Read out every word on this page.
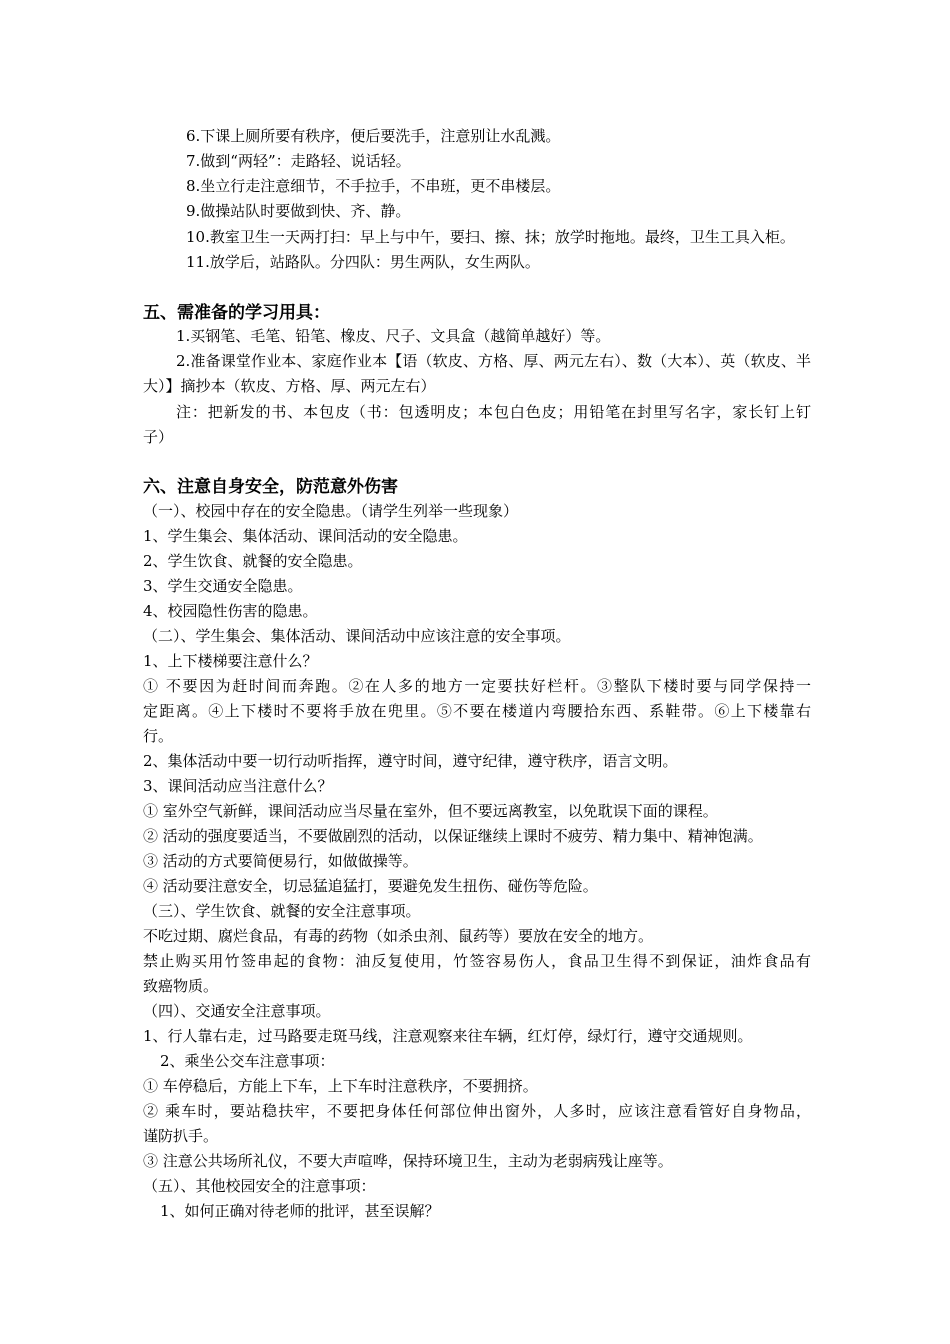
6.下课上厕所要有秩序，便后要洗手，注意别让水乱溅。
7.做到“两轻”：走路轻、说话轻。
8.坐立行走注意细节，不手拉手，不串班，更不串楼层。
9.做操站队时要做到快、齐、静。
10.教室卫生一天两打扫：早上与中午，要扫、擦、抹；放学时拖地。最终，卫生工具入柜。
11.放学后，站路队。分四队：男生两队，女生两队。
五、需准备的学习用具：
1.买钢笔、毛笔、铅笔、橡皮、尺子、文具盒（越简单越好）等。
2.准备课堂作业本、家庭作业本【语（软皮、方格、厚、两元左右）、数（大本）、英（软皮、半
大）】摘抄本（软皮、方格、厚、两元左右）
注：把新发的书、本包皮（书：包透明皮；本包白色皮；用铅笔在封里写名字，家长钉上钉
子）
六、注意自身安全，防范意外伤害
（一）、校园中存在的安全隐患。（请学生列举一些现象）
1、学生集会、集体活动、课间活动的安全隐患。
2、学生饮食、就餐的安全隐患。
3、学生交通安全隐患。
4、校园隐性伤害的隐患。
（二）、学生集会、集体活动、课间活动中应该注意的安全事项。
1、上下楼梯要注意什么？
① 不要因为赶时间而奔跑。②在人多的地方一定要扶好栏杆。③整队下楼时要与同学保持一
定距离。④上下楼时不要将手放在兜里。⑤不要在楼道内弯腰拾东西、系鞋带。⑥上下楼靠右
行。
2、集体活动中要一切行动听指挥，遵守时间，遵守纪律，遵守秩序，语言文明。
3、课间活动应当注意什么？
① 室外空气新鲜，课间活动应当尽量在室外，但不要远离教室，以免耽误下面的课程。
② 活动的强度要适当，不要做剧烈的活动，以保证继续上课时不疲劳、精力集中、精神饱满。
③ 活动的方式要简便易行，如做做操等。
④ 活动要注意安全，切忌猛追猛打，要避免发生扭伤、碰伤等危险。
（三）、学生饮食、就餐的安全注意事项。
不吃过期、腐烂食品，有毒的药物（如杀虫剂、鼠药等）要放在安全的地方。
禁止购买用竹签串起的食物：油反复使用，竹签容易伤人，食品卫生得不到保证，油炸食品有
致癌物质。
（四）、交通安全注意事项。
1、行人靠右走，过马路要走斑马线，注意观察来往车辆，红灯停，绿灯行，遵守交通规则。
2、乘坐公交车注意事项：
① 车停稳后，方能上下车，上下车时注意秩序，不要拥挤。
② 乘车时，要站稳扶牢，不要把身体任何部位伸出窗外，人多时，应该注意看管好自身物品，
谨防扒手。
③ 注意公共场所礼仪，不要大声喧哗，保持环境卫生，主动为老弱病残让座等。
（五）、其他校园安全的注意事项：
1、如何正确对待老师的批评，甚至误解？
